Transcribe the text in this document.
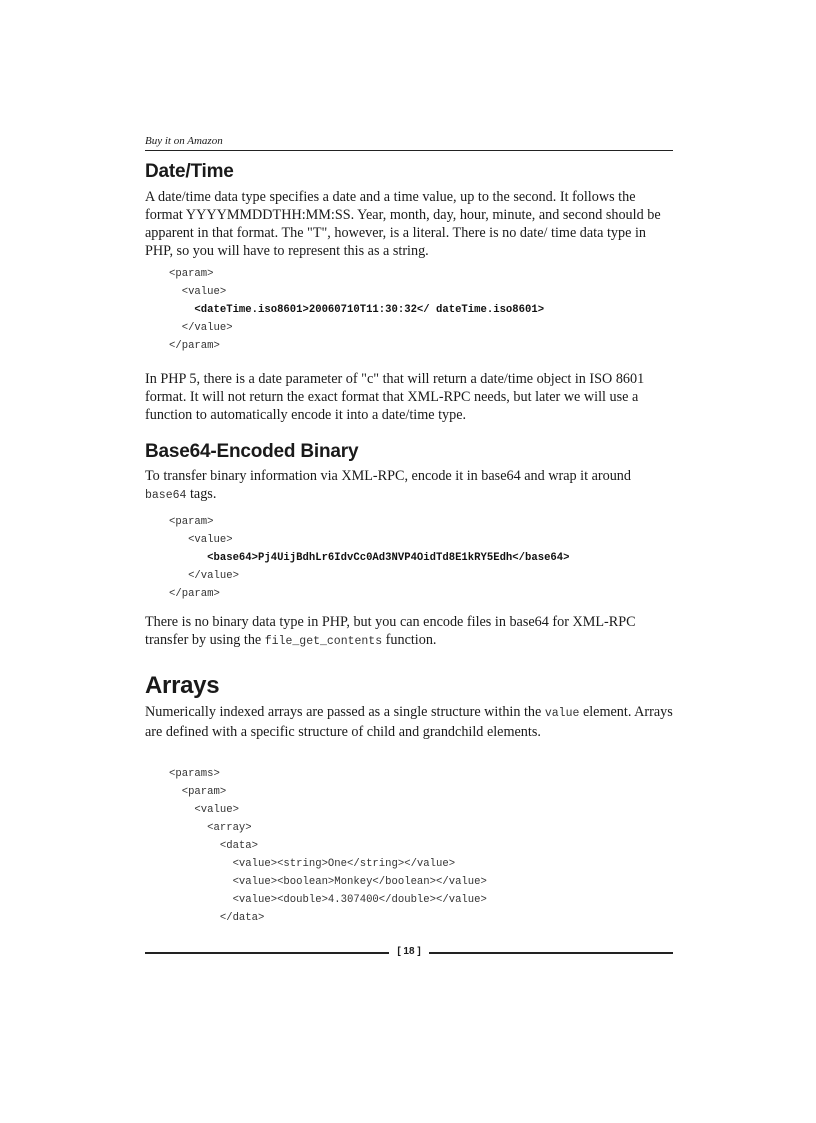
Buy it on Amazon
Date/Time

A date/time data type specifies a date and a time value, up to the second. It follows the format YYYYMMDDTHH:MM:SS. Year, month, day, hour, minute, and second should be apparent in that format. The "T", however, is a literal. There is no date/ time data type in PHP, so you will have to represent this as a string.

<param>
<value>
<dateTime.iso8601>20060710T11:30:32</ dateTime.iso8601>
</value>
</param>

In PHP 5, there is a date parameter of "c" that will return a date/time object in ISO 8601 format. It will not return the exact format that XML-RPC needs, but later we will use a function to automatically encode it into a date/time type.

Base64-Encoded Binary

To transfer binary information via XML-RPC, encode it in base64 and wrap it around base64 tags.

<param>
<value>
<base64>Pj4UijBdhLr6IdvCc0Ad3NVP4OidTd8E1kRY5Edh</base64>
</value>
</param>

There is no binary data type in PHP, but you can encode files in base64 for XML-RPC transfer by using the file_get_contents function.

Arrays

Numerically indexed arrays are passed as a single structure within the value element. Arrays are defined with a specific structure of child and grandchild elements.

<params>
<param>
<value>
<array>
<data>
<value><string>One</string></value>
<value><boolean>Monkey</boolean></value>
<value><double>4.307400</double></value>
</data>
[ 18 ]
